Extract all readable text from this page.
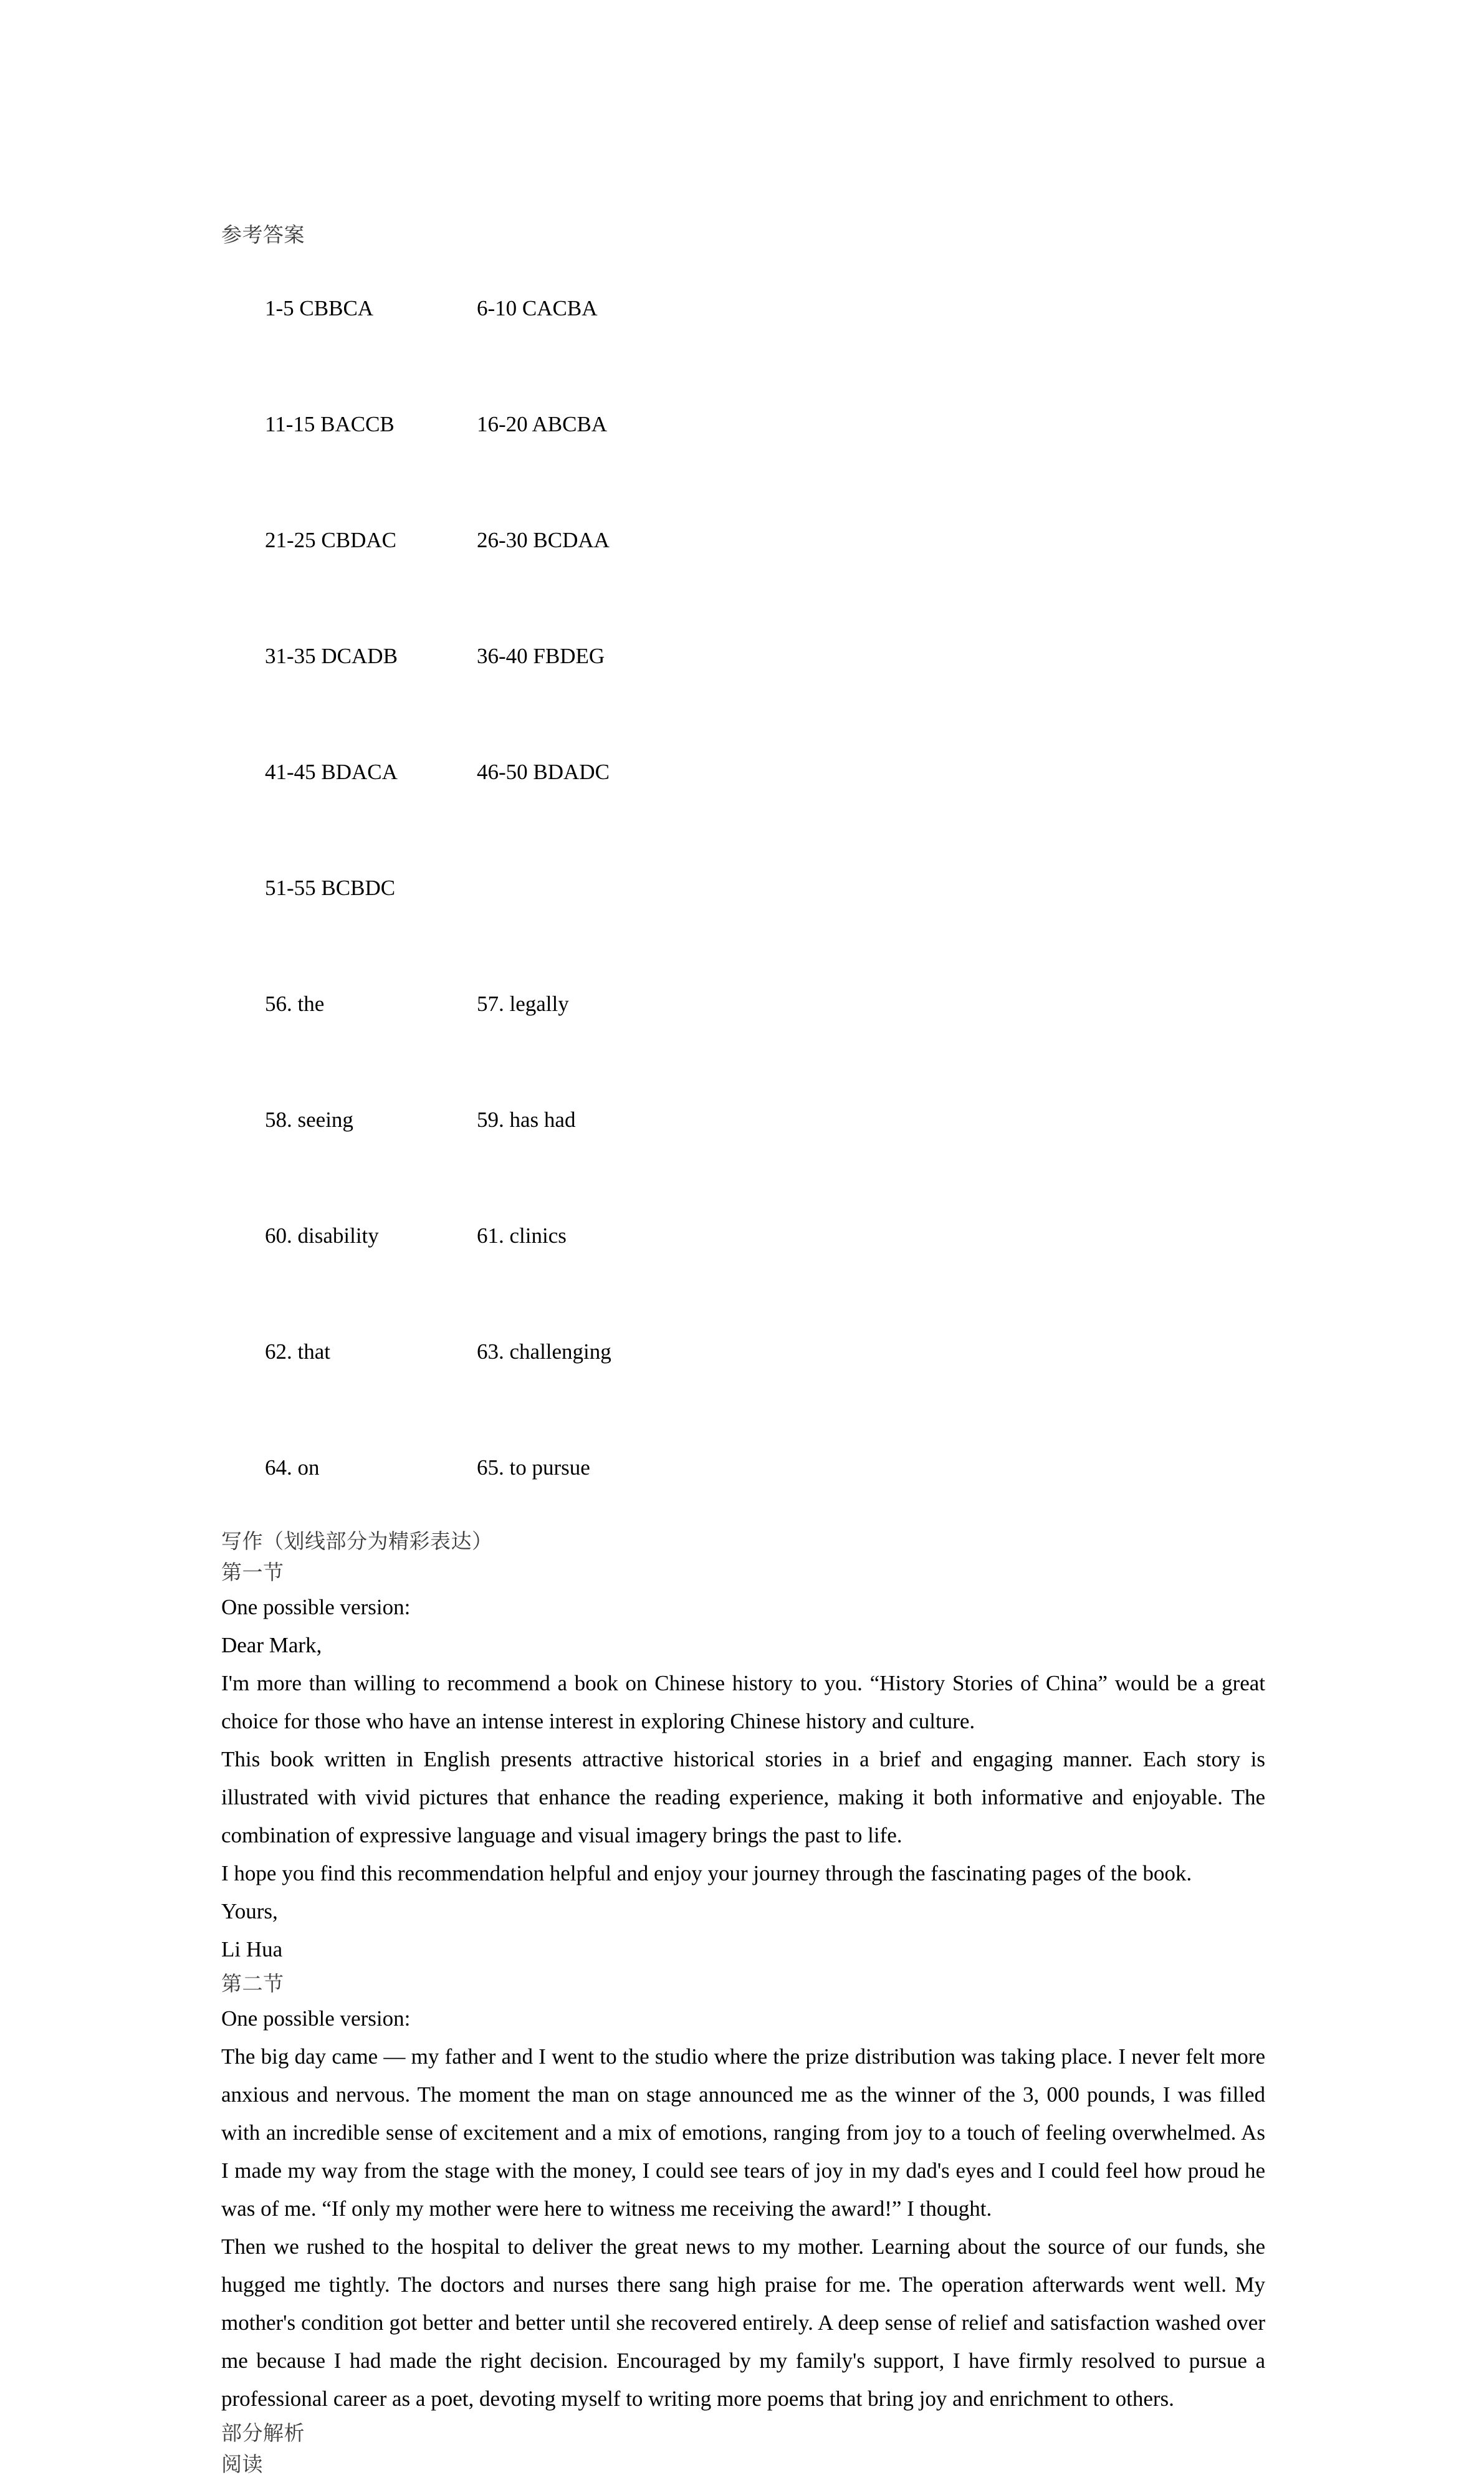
参考答案

1-5 CBBCA	6-10 CACBA

11-15 BACCB	16-20 ABCBA

21-25 CBDAC	26-30 BCDAA

31-35 DCADB	36-40 FBDEG

41-45 BDACA	46-50 BDADC

51-55 BCBDC

56. the	57. legally

58. seeing	59. has had

60. disability	61. clinics

62. that	63. challenging

64. on	65. to pursue

写作（划线部分为精彩表达）
第一节

One possible version:

Dear Mark,

I'm more than willing to recommend a book on Chinese history to you. “History Stories of China” would be a great choice for those who have an intense interest in exploring Chinese history and culture.

This book written in English presents attractive historical stories in a brief and engaging manner. Each story is illustrated with vivid pictures that enhance the reading experience, making it both informative and enjoyable. The combination of expressive language and visual imagery brings the past to life.

I hope you find this recommendation helpful and enjoy your journey through the fascinating pages of the book.

Yours,

Li Hua

第二节

One possible version:

The big day came — my father and I went to the studio where the prize distribution was taking place. I never felt more anxious and nervous. The moment the man on stage announced me as the winner of the 3, 000 pounds, I was filled with an incredible sense of excitement and a mix of emotions, ranging from joy to a touch of feeling overwhelmed. As I made my way from the stage with the money, I could see tears of joy in my dad's eyes and I could feel how proud he was of me. “If only my mother were here to witness me receiving the award!” I thought.

Then we rushed to the hospital to deliver the great news to my mother. Learning about the source of our funds, she hugged me tightly. The doctors and nurses there sang high praise for me. The operation afterwards went well. My mother's condition got better and better until she recovered entirely. A deep sense of relief and satisfaction washed over me because I had made the right decision. Encouraged by my family's support, I have firmly resolved to pursue a professional career as a poet, devoting myself to writing more poems that bring joy and enrichment to others.

部分解析
阅读
